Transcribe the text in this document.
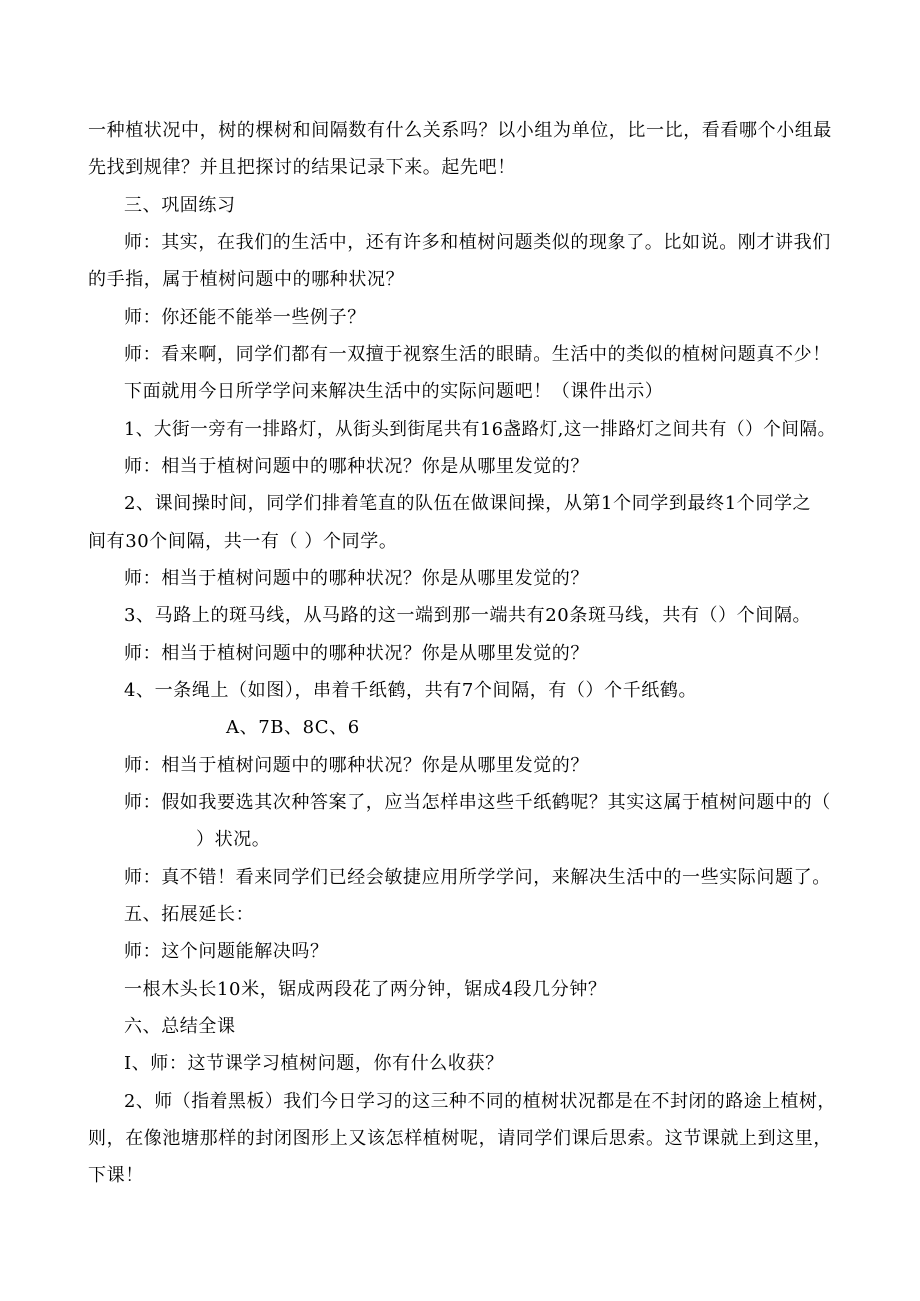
一种植状况中，树的棵树和间隔数有什么关系吗？以小组为单位，比一比，看看哪个小组最
先找到规律？并且把探讨的结果记录下来。起先吧！
三、巩固练习
师：其实，在我们的生活中，还有许多和植树问题类似的现象了。比如说。刚才讲我们
的手指，属于植树问题中的哪种状况？
师：你还能不能举一些例子？
师：看来啊，同学们都有一双擅于视察生活的眼睛。生活中的类似的植树问题真不少！
下面就用今日所学学问来解决生活中的实际问题吧！（课件出示）
1、大街一旁有一排路灯，从街头到街尾共有16盏路灯,这一排路灯之间共有（）个间隔。
师：相当于植树问题中的哪种状况？你是从哪里发觉的？
2、课间操时间，同学们排着笔直的队伍在做课间操，从第1个同学到最终1个同学之
间有30个间隔，共一有（ ）个同学。
师：相当于植树问题中的哪种状况？你是从哪里发觉的？
3、马路上的斑马线，从马路的这一端到那一端共有20条斑马线，共有（）个间隔。
师：相当于植树问题中的哪种状况？你是从哪里发觉的？
4、一条绳上（如图），串着千纸鹤，共有7个间隔，有（）个千纸鹤。
A、7B、8C、6
师：相当于植树问题中的哪种状况？你是从哪里发觉的？
师：假如我要选其次种答案了，应当怎样串这些千纸鹤呢？其实这属于植树问题中的（
）状况。
师：真不错！看来同学们已经会敏捷应用所学学问，来解决生活中的一些实际问题了。
五、拓展延长：
师：这个问题能解决吗？
一根木头长10米，锯成两段花了两分钟，锯成4段几分钟？
六、总结全课
I、师：这节课学习植树问题，你有什么收获？
2、师（指着黑板）我们今日学习的这三种不同的植树状况都是在不封闭的路途上植树，
则，在像池塘那样的封闭图形上又该怎样植树呢，请同学们课后思索。这节课就上到这里，
下课！
